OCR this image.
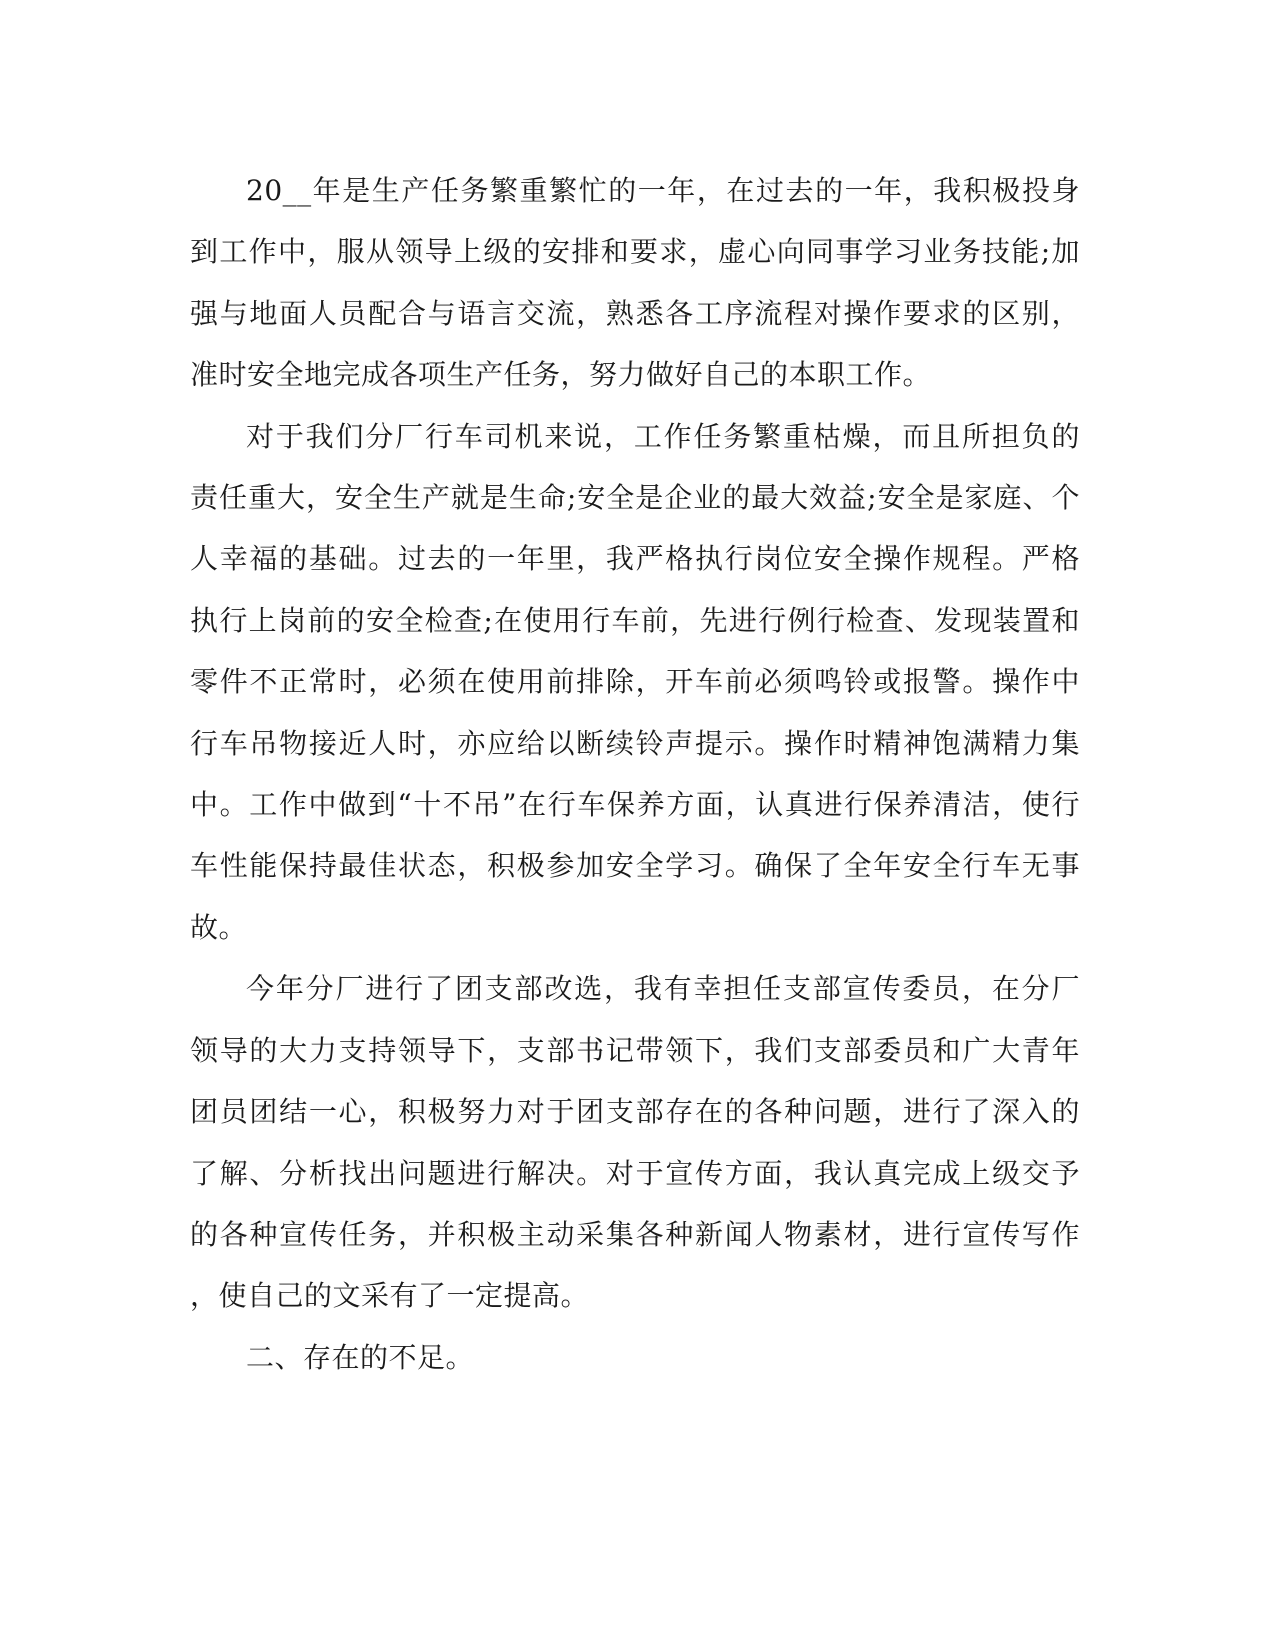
20__年是生产任务繁重繁忙的一年，在过去的一年，我积极投身
到工作中，服从领导上级的安排和要求，虚心向同事学习业务技能;加
强与地面人员配合与语言交流，熟悉各工序流程对操作要求的区别，
准时安全地完成各项生产任务，努力做好自己的本职工作。
对于我们分厂行车司机来说，工作任务繁重枯燥，而且所担负的
责任重大，安全生产就是生命;安全是企业的最大效益;安全是家庭、个
人幸福的基础。过去的一年里，我严格执行岗位安全操作规程。严格
执行上岗前的安全检查;在使用行车前，先进行例行检查、发现装置和
零件不正常时，必须在使用前排除，开车前必须鸣铃或报警。操作中
行车吊物接近人时，亦应给以断续铃声提示。操作时精神饱满精力集
中。工作中做到“十不吊”在行车保养方面，认真进行保养清洁，使行
车性能保持最佳状态，积极参加安全学习。确保了全年安全行车无事
故。
今年分厂进行了团支部改选，我有幸担任支部宣传委员，在分厂
领导的大力支持领导下，支部书记带领下，我们支部委员和广大青年
团员团结一心，积极努力对于团支部存在的各种问题，进行了深入的
了解、分析找出问题进行解决。对于宣传方面，我认真完成上级交予
的各种宣传任务，并积极主动采集各种新闻人物素材，进行宣传写作
，使自己的文采有了一定提高。
二、存在的不足。
